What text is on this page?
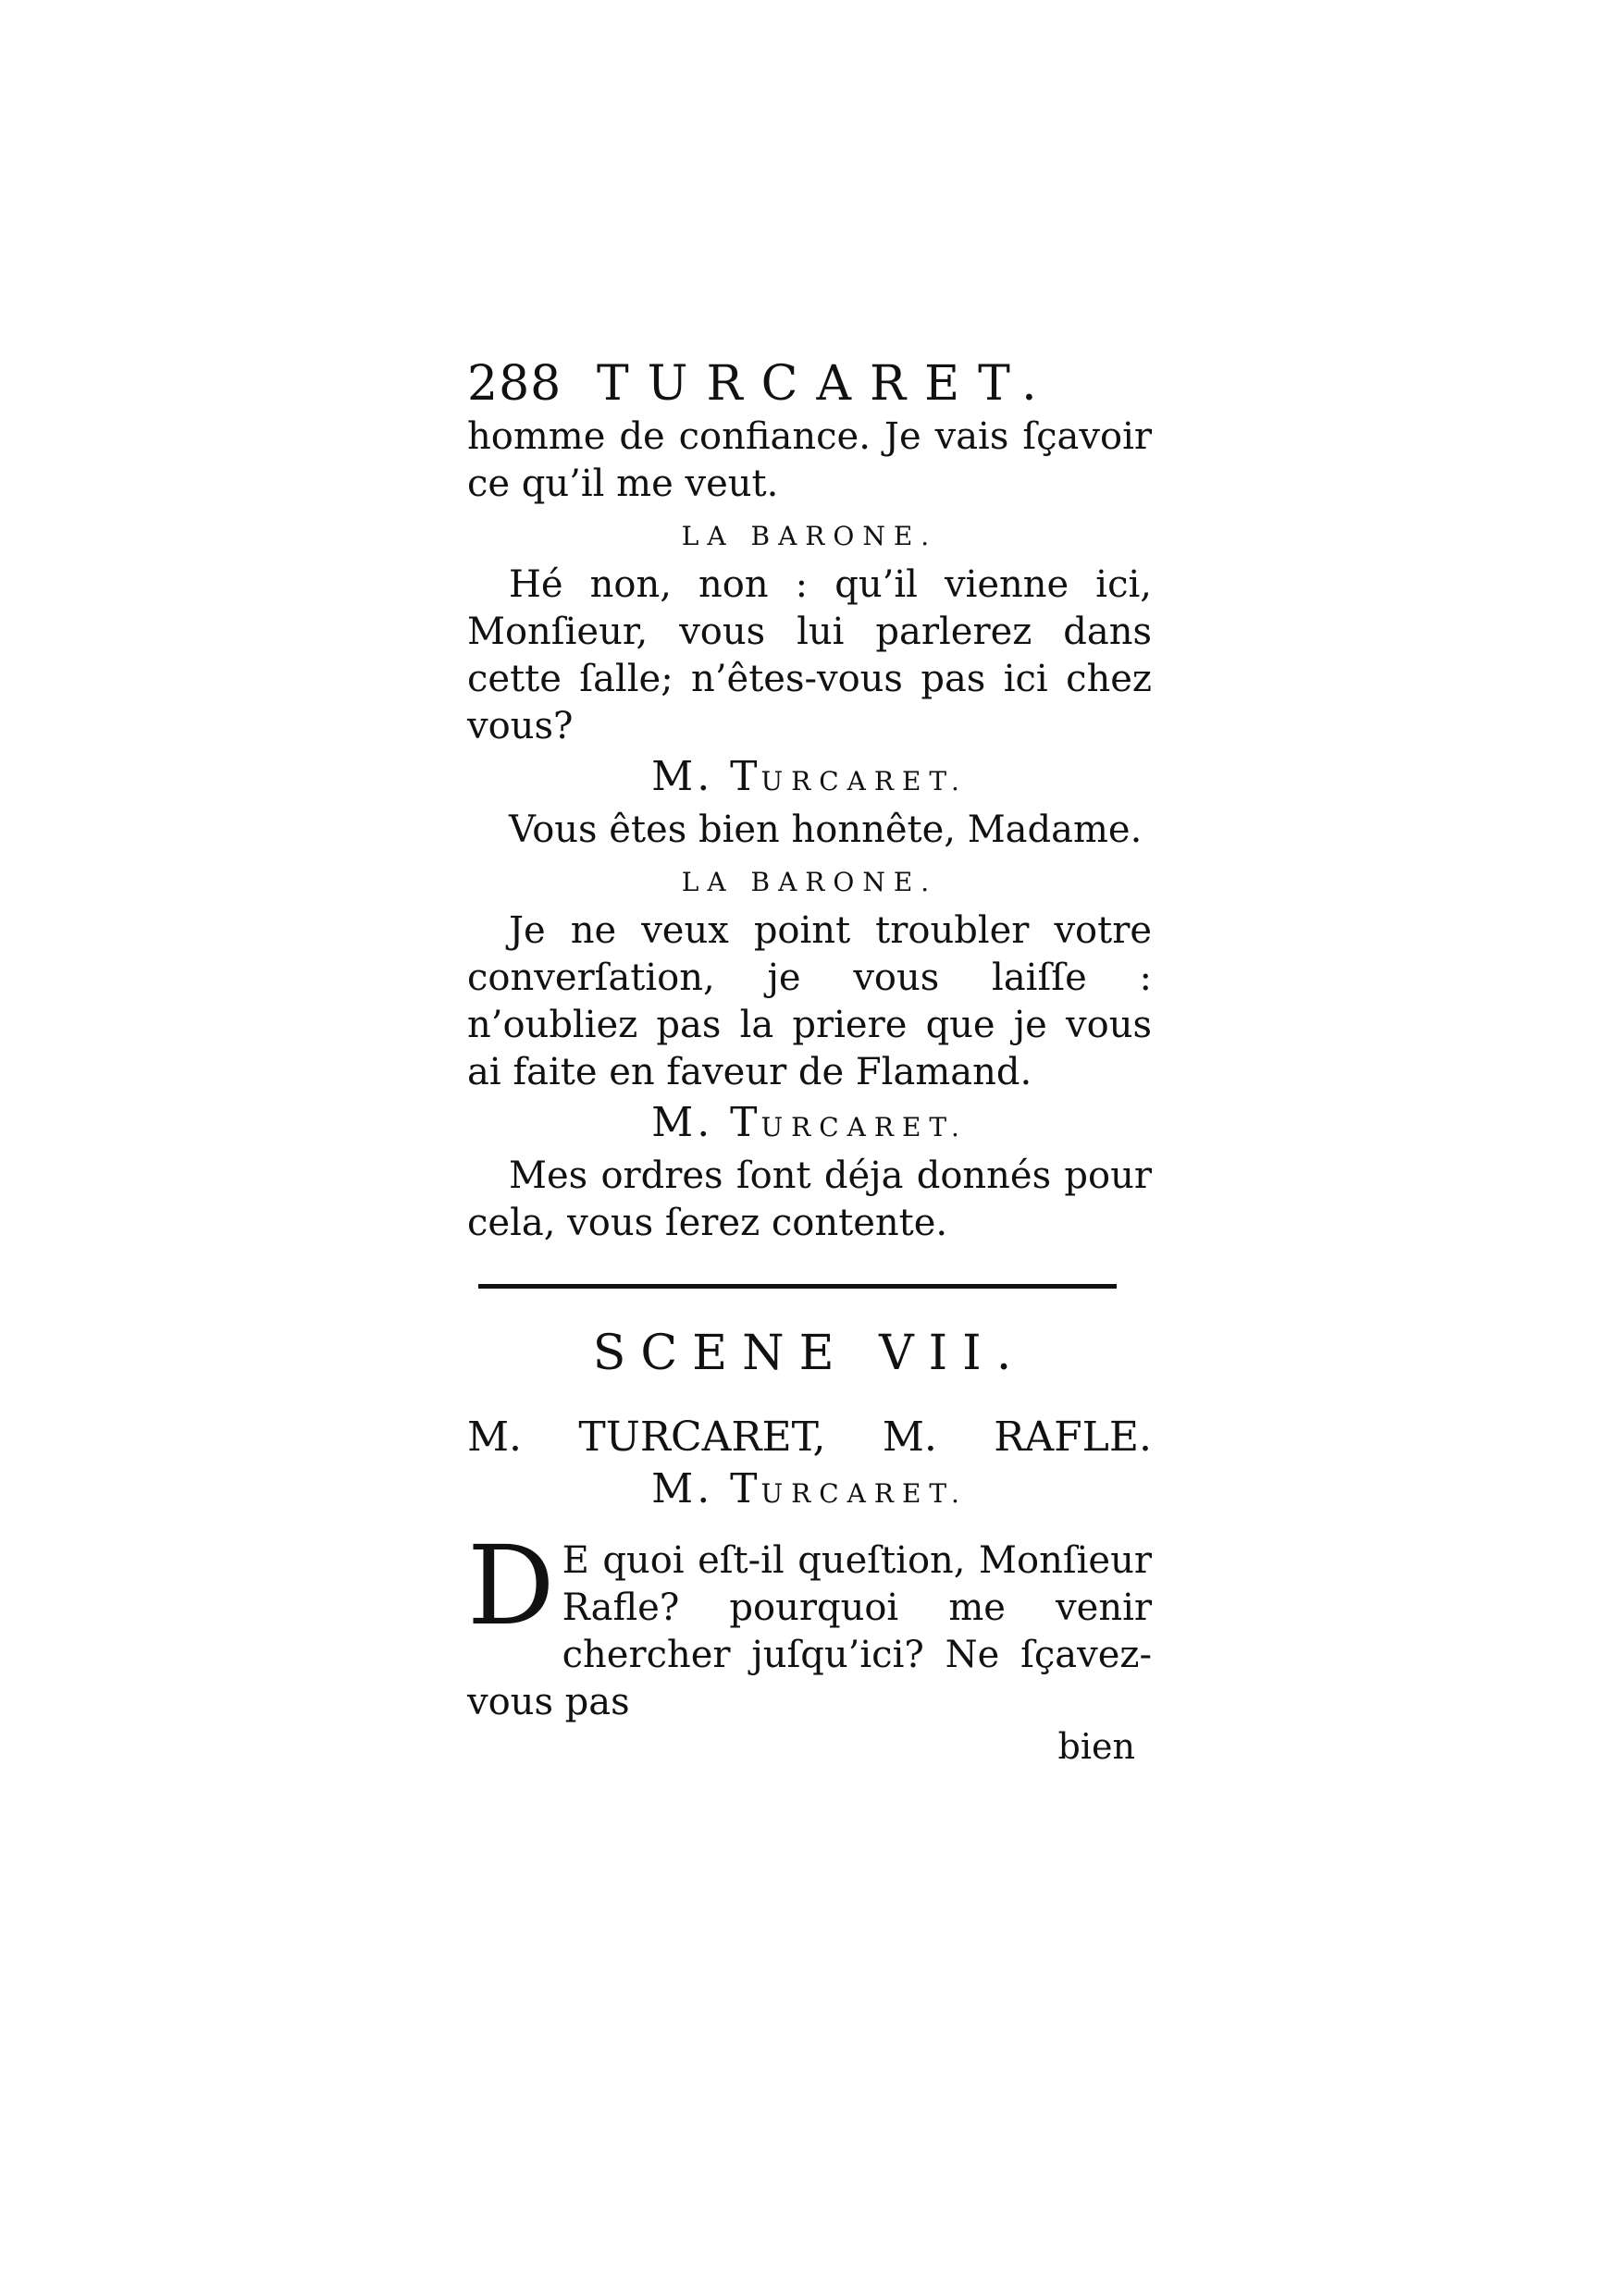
288 TURCARET.

homme de confiance. Je vais ſçavoir ce qu’il me veut.

LA BARONE.

Hé non, non : qu’il vienne ici, Monſieur, vous lui parlerez dans cette ſalle; n’êtes-vous pas ici chez vous?

M. TURCARET.

Vous êtes bien honnête, Madame.

LA BARONE.

Je ne veux point troubler votre converſation, je vous laiſſe : n’oubliez pas la priere que je vous ai faite en faveur de Flamand.

M. TURCARET.

Mes ordres ſont déja donnés pour cela, vous ſerez contente.

SCENE VII.
M. TURCARET, M. RAFLE.
M. TURCARET.
D E quoi eſt-il queſtion, Monſieur Rafle? pourquoi me venir chercher juſqu’ici? Ne ſçavez-vous pas
bien
